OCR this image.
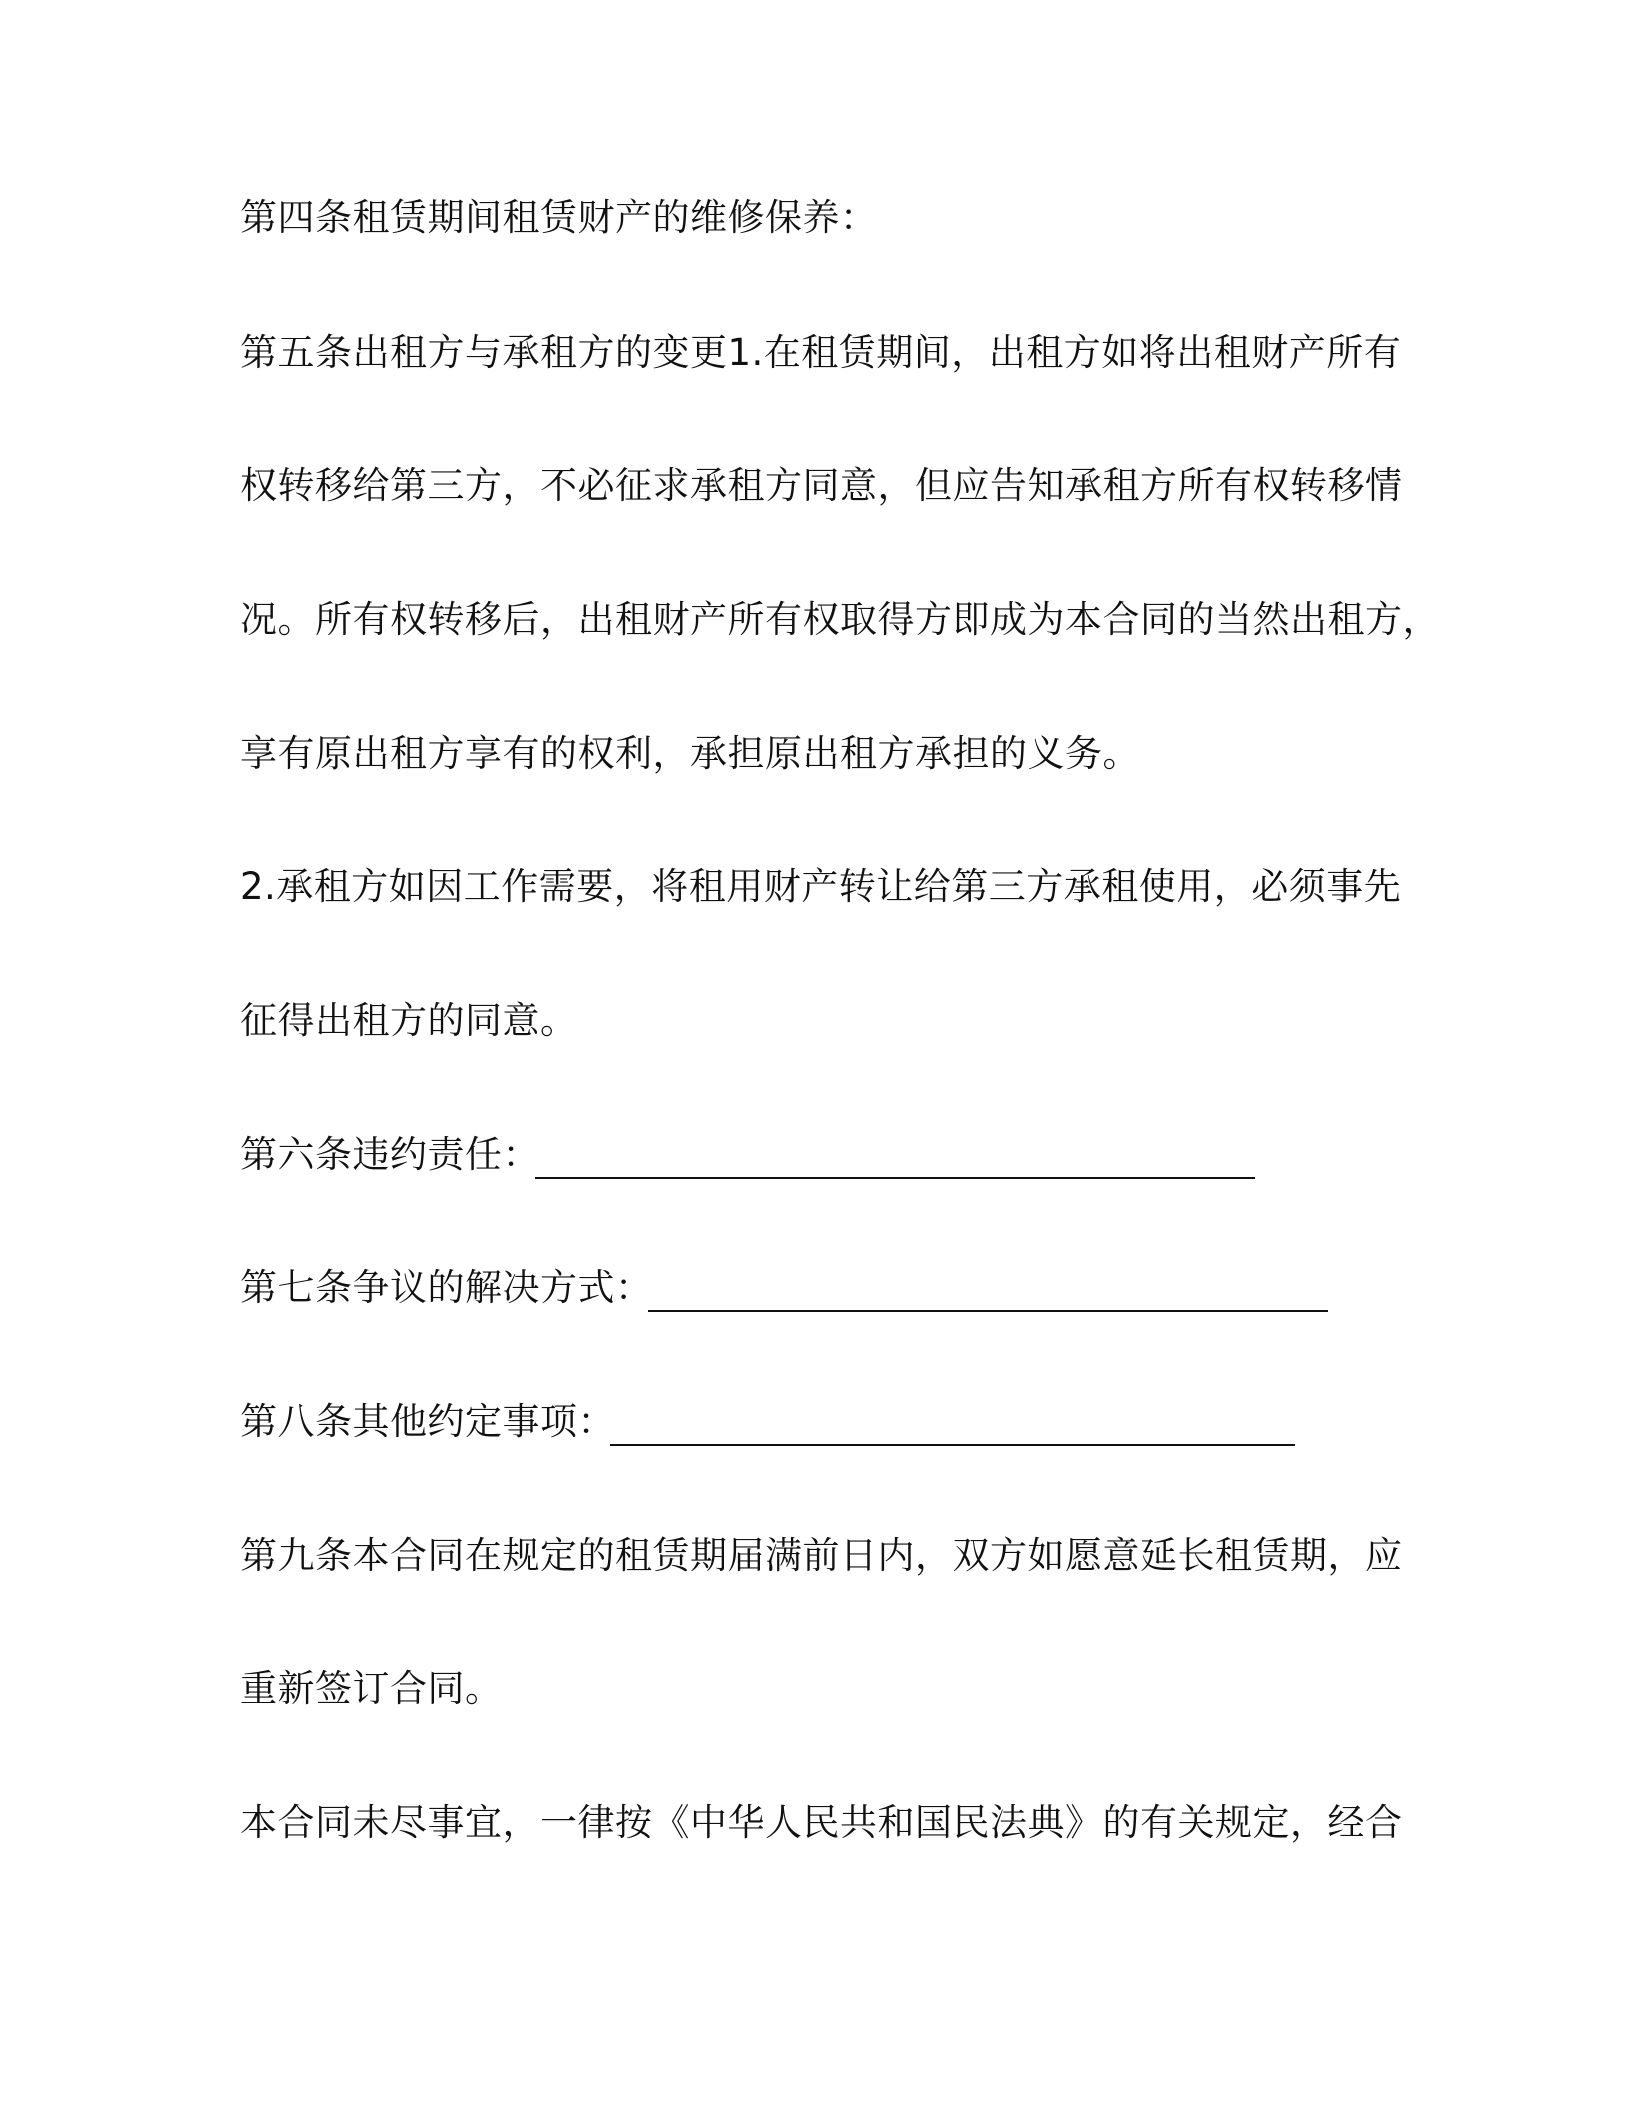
第四条租赁期间租赁财产的维修保养：

第五条出租方与承租方的变更1.在租赁期间，出租方如将出租财产所有

权转移给第三方，不必征求承租方同意，但应告知承租方所有权转移情

况。所有权转移后，出租财产所有权取得方即成为本合同的当然出租方，

享有原出租方享有的权利，承担原出租方承担的义务。

2.承租方如因工作需要，将租用财产转让给第三方承租使用，必须事先

征得出租方的同意。

第六条违约责任：

第七条争议的解决方式：

第八条其他约定事项：

第九条本合同在规定的租赁期届满前日内，双方如愿意延长租赁期，应

重新签订合同。

本合同未尽事宜，一律按《中华人民共和国民法典》的有关规定，经合
